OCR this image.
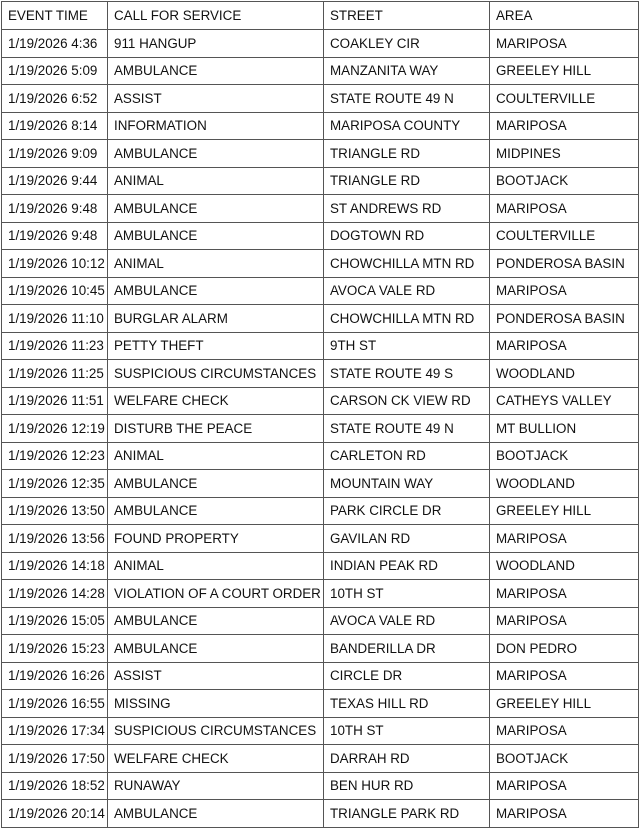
EVENT TIME	CALL FOR SERVICE	STREET	AREA
1/19/2026 4:36	911 HANGUP	COAKLEY CIR	MARIPOSA
1/19/2026 5:09	AMBULANCE	MANZANITA WAY	GREELEY HILL
1/19/2026 6:52	ASSIST	STATE ROUTE 49 N	COULTERVILLE
1/19/2026 8:14	INFORMATION	MARIPOSA COUNTY	MARIPOSA
1/19/2026 9:09	AMBULANCE	TRIANGLE RD	MIDPINES
1/19/2026 9:44	ANIMAL	TRIANGLE RD	BOOTJACK
1/19/2026 9:48	AMBULANCE	ST ANDREWS RD	MARIPOSA
1/19/2026 9:48	AMBULANCE	DOGTOWN RD	COULTERVILLE
1/19/2026 10:12	ANIMAL	CHOWCHILLA MTN RD	PONDEROSA BASIN
1/19/2026 10:45	AMBULANCE	AVOCA VALE RD	MARIPOSA
1/19/2026 11:10	BURGLAR ALARM	CHOWCHILLA MTN RD	PONDEROSA BASIN
1/19/2026 11:23	PETTY THEFT	9TH ST	MARIPOSA
1/19/2026 11:25	SUSPICIOUS CIRCUMSTANCES	STATE ROUTE 49 S	WOODLAND
1/19/2026 11:51	WELFARE CHECK	CARSON CK VIEW RD	CATHEYS VALLEY
1/19/2026 12:19	DISTURB THE PEACE	STATE ROUTE 49 N	MT BULLION
1/19/2026 12:23	ANIMAL	CARLETON RD	BOOTJACK
1/19/2026 12:35	AMBULANCE	MOUNTAIN WAY	WOODLAND
1/19/2026 13:50	AMBULANCE	PARK CIRCLE DR	GREELEY HILL
1/19/2026 13:56	FOUND PROPERTY	GAVILAN RD	MARIPOSA
1/19/2026 14:18	ANIMAL	INDIAN PEAK RD	WOODLAND
1/19/2026 14:28	VIOLATION OF A COURT ORDER	10TH ST	MARIPOSA
1/19/2026 15:05	AMBULANCE	AVOCA VALE RD	MARIPOSA
1/19/2026 15:23	AMBULANCE	BANDERILLA DR	DON PEDRO
1/19/2026 16:26	ASSIST	CIRCLE DR	MARIPOSA
1/19/2026 16:55	MISSING	TEXAS HILL RD	GREELEY HILL
1/19/2026 17:34	SUSPICIOUS CIRCUMSTANCES	10TH ST	MARIPOSA
1/19/2026 17:50	WELFARE CHECK	DARRAH RD	BOOTJACK
1/19/2026 18:52	RUNAWAY	BEN HUR RD	MARIPOSA
1/19/2026 20:14	AMBULANCE	TRIANGLE PARK RD	MARIPOSA
